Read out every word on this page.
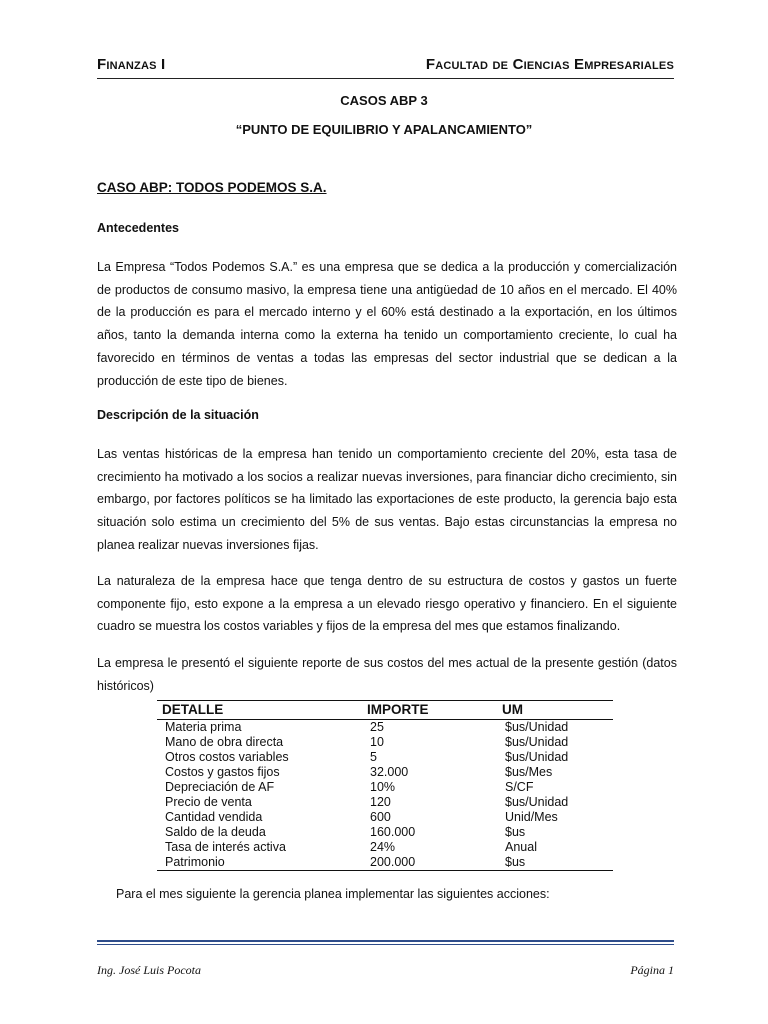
Finanzas I	Facultad de Ciencias Empresariales
CASOS ABP 3
“PUNTO DE EQUILIBRIO Y APALANCAMIENTO”
CASO ABP: TODOS PODEMOS S.A.
Antecedentes
La Empresa “Todos Podemos S.A.” es una empresa que se dedica a la producción y comercialización de productos de consumo masivo, la empresa tiene una antigüedad de 10 años en el mercado. El 40% de la producción es para el mercado interno y el 60% está destinado a la exportación, en los últimos años, tanto la demanda interna como la externa ha tenido un comportamiento creciente, lo cual ha favorecido en términos de ventas a todas las empresas del sector industrial que se dedican a la producción de este tipo de bienes.
Descripción de la situación
Las ventas históricas de la empresa han tenido un comportamiento creciente del 20%, esta tasa de crecimiento ha motivado a los socios a realizar nuevas inversiones, para financiar dicho crecimiento, sin embargo, por factores políticos se ha limitado las exportaciones de este producto, la gerencia bajo esta situación solo estima un crecimiento del 5% de sus ventas. Bajo estas circunstancias la empresa no planea realizar nuevas inversiones fijas.
La naturaleza de la empresa hace que tenga dentro de su estructura de costos y gastos un fuerte componente fijo, esto expone a la empresa a un elevado riesgo operativo y financiero. En el siguiente cuadro se muestra los costos variables y fijos de la empresa del mes que estamos finalizando.
La empresa le presentó el siguiente reporte de sus costos del mes actual de la presente gestión (datos históricos)
DETALLE	IMPORTE	UM
Materia prima	25	$us/Unidad
Mano de obra directa	10	$us/Unidad
Otros costos variables	5	$us/Unidad
Costos y gastos fijos	32.000	$us/Mes
Depreciación de AF	10%	S/CF
Precio de venta	120	$us/Unidad
Cantidad vendida	600	Unid/Mes
Saldo de la deuda	160.000	$us
Tasa de interés activa	24%	Anual
Patrimonio	200.000	$us
Para el mes siguiente la gerencia planea implementar las siguientes acciones:
Ing. José Luis Pocota	Página 1
